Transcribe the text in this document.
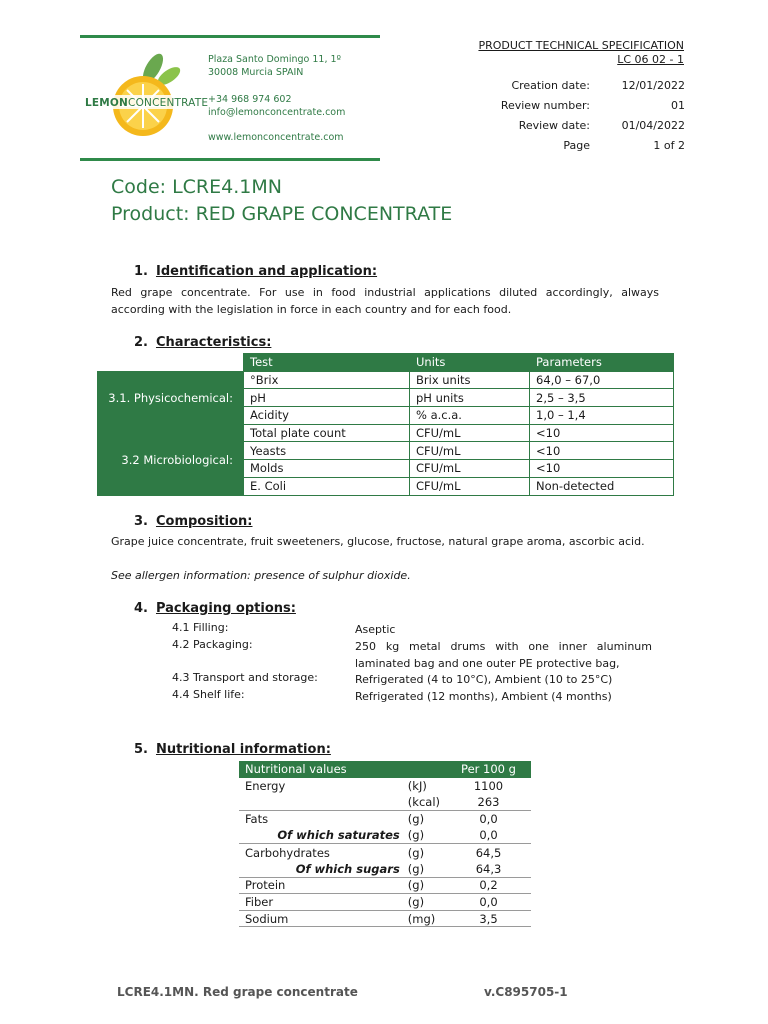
LEMONCONCENTRATE
Plaza Santo Domingo 11, 1º
30008 Murcia SPAIN
+34 968 974 602
info@lemonconcentrate.com
www.lemonconcentrate.com
PRODUCT TECHNICAL SPECIFICATION
LC 06 02 - 1
Creation date:	12/01/2022
Review number:	01
Review date:	01/04/2022
Page	1 of 2
Code: LCRE4.1MN
Product: RED GRAPE CONCENTRATE
1. Identification and application:
Red grape concentrate. For use in food industrial applications diluted accordingly, always according with the legislation in force in each country and for each food.
2. Characteristics:
	Test	Units	Parameters
3.1. Physicochemical:	°Brix	Brix units	64,0 – 67,0
	pH	pH units	2,5 – 3,5
	Acidity	% a.c.a.	1,0 – 1,4
3.2 Microbiological:	Total plate count	CFU/mL	<10
	Yeasts	CFU/mL	<10
	Molds	CFU/mL	<10
	E. Coli	CFU/mL	Non-detected
3. Composition:
Grape juice concentrate, fruit sweeteners, glucose, fructose, natural grape aroma, ascorbic acid.
See allergen information: presence of sulphur dioxide.
4. Packaging options:
4.1 Filling:	Aseptic
4.2 Packaging:	250 kg metal drums with one inner aluminum laminated bag and one outer PE protective bag,
4.3 Transport and storage:	Refrigerated (4 to 10°C), Ambient (10 to 25°C)
4.4 Shelf life:	Refrigerated (12 months), Ambient (4 months)
5. Nutritional information:
Nutritional values		Per 100 g
Energy	(kJ)	1100
	(kcal)	263
Fats	(g)	0,0
Of which saturates	(g)	0,0
Carbohydrates	(g)	64,5
Of which sugars	(g)	64,3
Protein	(g)	0,2
Fiber	(g)	0,0
Sodium	(mg)	3,5
LCRE4.1MN. Red grape concentrate	v.C895705-1
